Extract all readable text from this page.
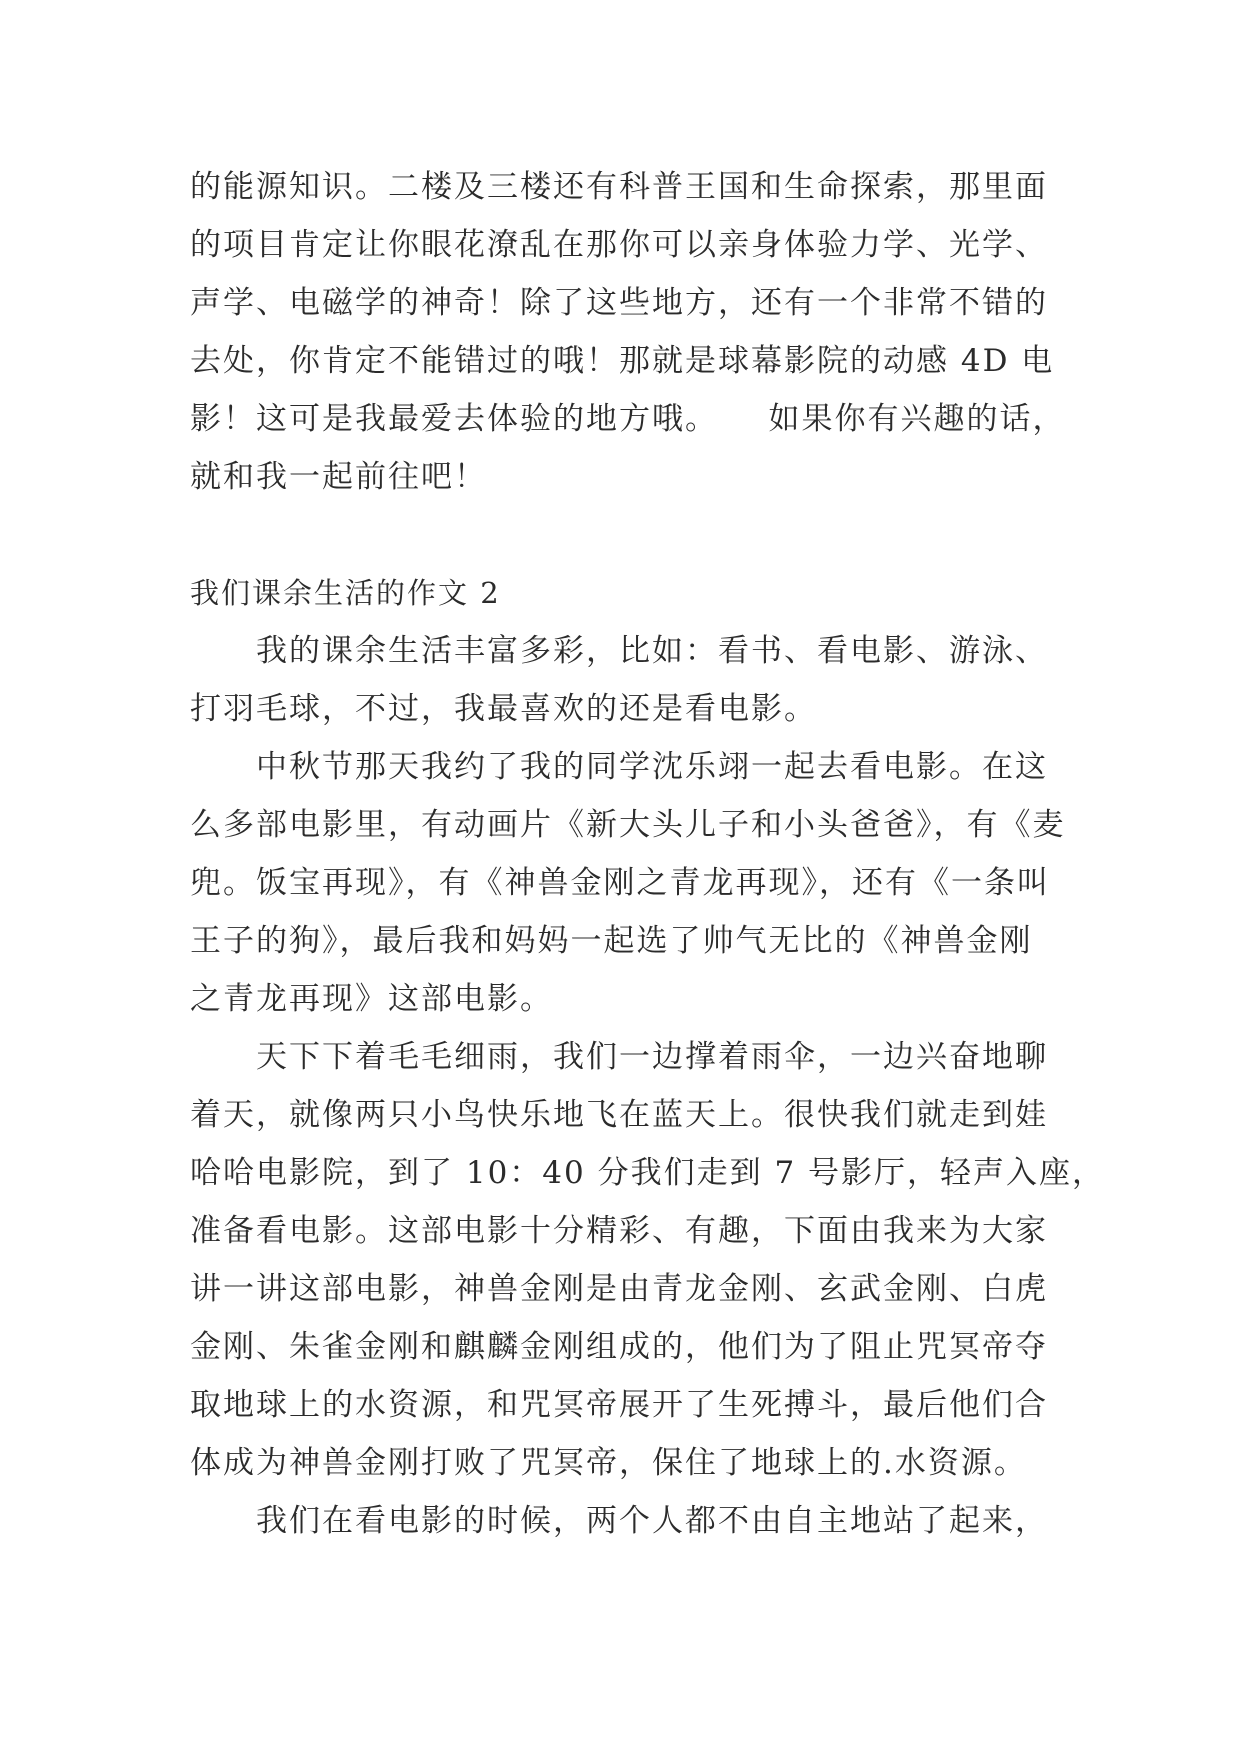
的能源知识。二楼及三楼还有科普王国和生命探索，那里面
的项目肯定让你眼花潦乱在那你可以亲身体验力学、光学、
声学、电磁学的神奇！除了这些地方，还有一个非常不错的
去处，你肯定不能错过的哦！那就是球幕影院的动感 4D 电
影！这可是我最爱去体验的地方哦。　　如果你有兴趣的话，
就和我一起前往吧！
我们课余生活的作文 2
我的课余生活丰富多彩，比如：看书、看电影、游泳、
打羽毛球，不过，我最喜欢的还是看电影。
中秋节那天我约了我的同学沈乐翊一起去看电影。在这
么多部电影里，有动画片《新大头儿子和小头爸爸》，有《麦
兜。饭宝再现》，有《神兽金刚之青龙再现》，还有《一条叫
王子的狗》，最后我和妈妈一起选了帅气无比的《神兽金刚
之青龙再现》这部电影。
天下下着毛毛细雨，我们一边撑着雨伞，一边兴奋地聊
着天，就像两只小鸟快乐地飞在蓝天上。很快我们就走到娃
哈哈电影院，到了 10：40 分我们走到 7 号影厅，轻声入座，
准备看电影。这部电影十分精彩、有趣，下面由我来为大家
讲一讲这部电影，神兽金刚是由青龙金刚、玄武金刚、白虎
金刚、朱雀金刚和麒麟金刚组成的，他们为了阻止咒冥帝夺
取地球上的水资源，和咒冥帝展开了生死搏斗，最后他们合
体成为神兽金刚打败了咒冥帝，保住了地球上的.水资源。
我们在看电影的时候，两个人都不由自主地站了起来，
